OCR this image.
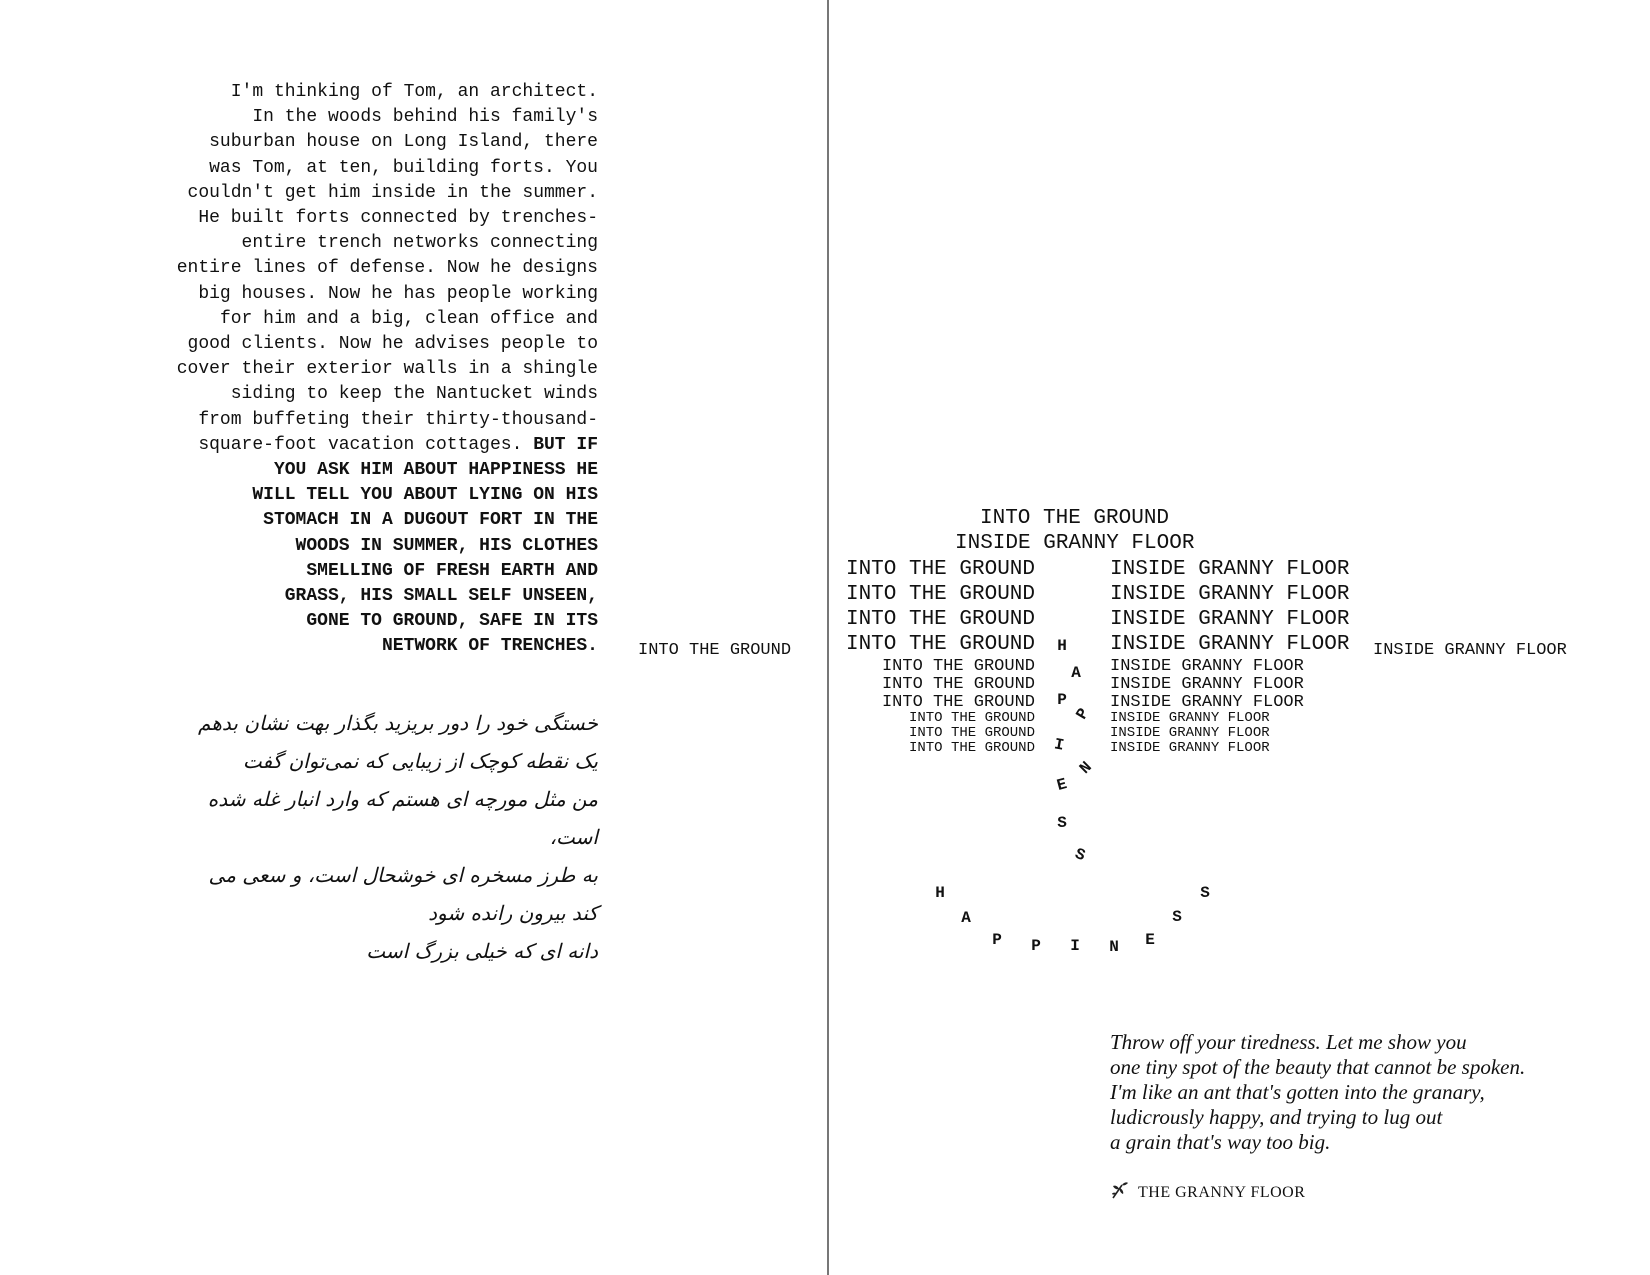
I'm thinking of Tom, an architect.
In the woods behind his family's
suburban house on Long Island, there
was Tom, at ten, building forts. You
couldn't get him inside in the summer.
He built forts connected by trenches-
entire trench networks connecting
entire lines of defense. Now he designs
big houses. Now he has people working
for him and a big, clean office and
good clients. Now he advises people to
cover their exterior walls in a shingle
siding to keep the Nantucket winds
from buffeting their thirty-thousand-
square-foot vacation cottages. BUT IF
YOU ASK HIM ABOUT HAPPINESS HE
WILL TELL YOU ABOUT LYING ON HIS
STOMACH IN A DUGOUT FORT IN THE
WOODS IN SUMMER, HIS CLOTHES
SMELLING OF FRESH EARTH AND
GRASS, HIS SMALL SELF UNSEEN,
GONE TO GROUND, SAFE IN ITS
NETWORK OF TRENCHES. INTO THE GROUND
خستگی خود را دور بریزید بگذار بهت نشان بدهم
یک نقطه کوچک از زیبایی که نمی‌توان گفت
من مثل مورچه ای هستم که وارد انبار غله شده است،
به طرز مسخره ای خوشحال است، و سعی می کند بیرون رانده شود
دانه ای که خیلی بزرگ است
INTO THE GROUND
INSIDE GRANNY FLOOR
INTO THE GROUND
INTO THE GROUND
INTO THE GROUND
INTO THE GROUND
INTO THE GROUND
INTO THE GROUND
INTO THE GROUND
INTO THE GROUND
INTO THE GROUND
INTO THE GROUND
INSIDE GRANNY FLOOR
INSIDE GRANNY FLOOR
INSIDE GRANNY FLOOR
INSIDE GRANNY FLOOR
INSIDE GRANNY FLOOR
INSIDE GRANNY FLOOR
INSIDE GRANNY FLOOR
INSIDE GRANNY FLOOR
INSIDE GRANNY FLOOR
INSIDE GRANNY FLOOR
INSIDE GRANNY FLOOR
H
A
P
P
I
N
E
S
S
H
A
P P I N E
S
S
Throw off your tiredness. Let me show you
one tiny spot of the beauty that cannot be spoken.
I'm like an ant that's gotten into the granary,
ludicrously happy, and trying to lug out
a grain that's way too big.
THE GRANNY FLOOR
